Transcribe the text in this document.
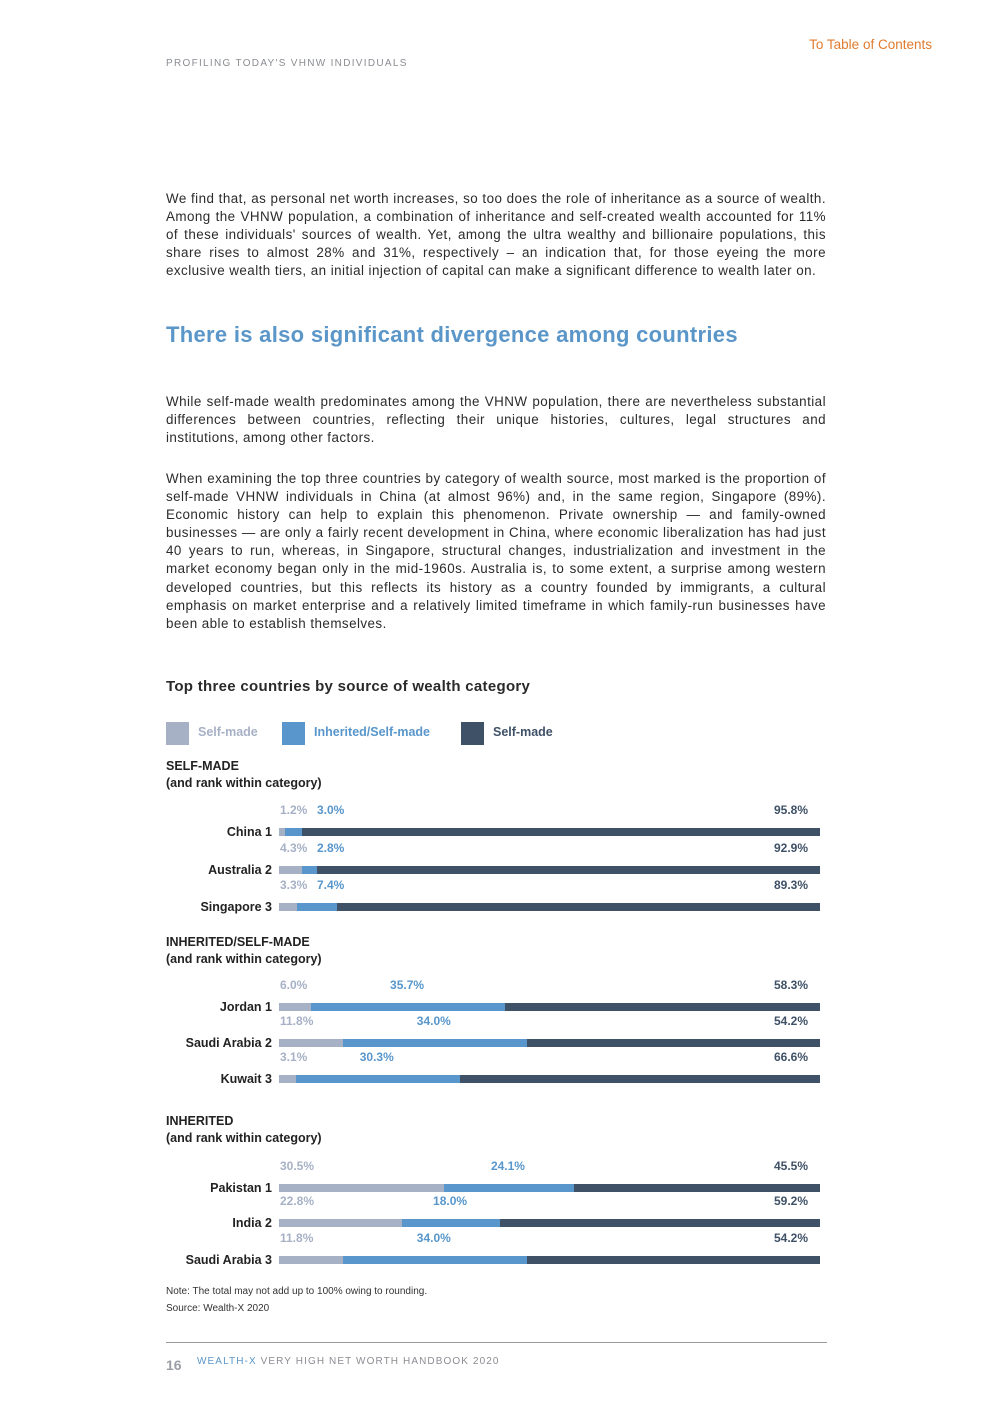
To Table of Contents
PROFILING TODAY'S VHNW INDIVIDUALS

We find that, as personal net worth increases, so too does the role of inheritance as a source of wealth. Among the VHNW population, a combination of inheritance and self-created wealth accounted for 11% of these individuals' sources of wealth. Yet, among the ultra wealthy and billionaire populations, this share rises to almost 28% and 31%, respectively – an indication that, for those eyeing the more exclusive wealth tiers, an initial injection of capital can make a significant difference to wealth later on.

There is also significant divergence among countries

While self-made wealth predominates among the VHNW population, there are nevertheless substantial differences between countries, reflecting their unique histories, cultures, legal structures and institutions, among other factors.

When examining the top three countries by category of wealth source, most marked is the proportion of self-made VHNW individuals in China (at almost 96%) and, in the same region, Singapore (89%). Economic history can help to explain this phenomenon. Private ownership — and family-owned businesses — are only a fairly recent development in China, where economic liberalization has had just 40 years to run, whereas, in Singapore, structural changes, industrialization and investment in the market economy began only in the mid-1960s. Australia is, to some extent, a surprise among western developed countries, but this reflects its history as a country founded by immigrants, a cultural emphasis on market enterprise and a relatively limited timeframe in which family-run businesses have been able to establish themselves.

Top three countries by source of wealth category
Self-made	Inherited/Self-made	Self-made
SELF-MADE
(and rank within category)
China 1
1.2% 3.0%	95.8%
Australia 2
4.3% 2.8%	92.9%
Singapore 3
3.3% 7.4%	89.3%
INHERITED/SELF-MADE
(and rank within category)
Jordan 1
6.0%	35.7%	58.3%
Saudi Arabia 2
11.8%	34.0%	54.2%
Kuwait 3
3.1%	30.3%	66.6%
INHERITED
(and rank within category)
Pakistan 1
30.5%	24.1%	45.5%
India 2
22.8%	18.0%	59.2%
Saudi Arabia 3
11.8%	34.0%	54.2%
Note: The total may not add up to 100% owing to rounding.
Source: Wealth-X 2020
16 WEALTH-X VERY HIGH NET WORTH HANDBOOK 2020
